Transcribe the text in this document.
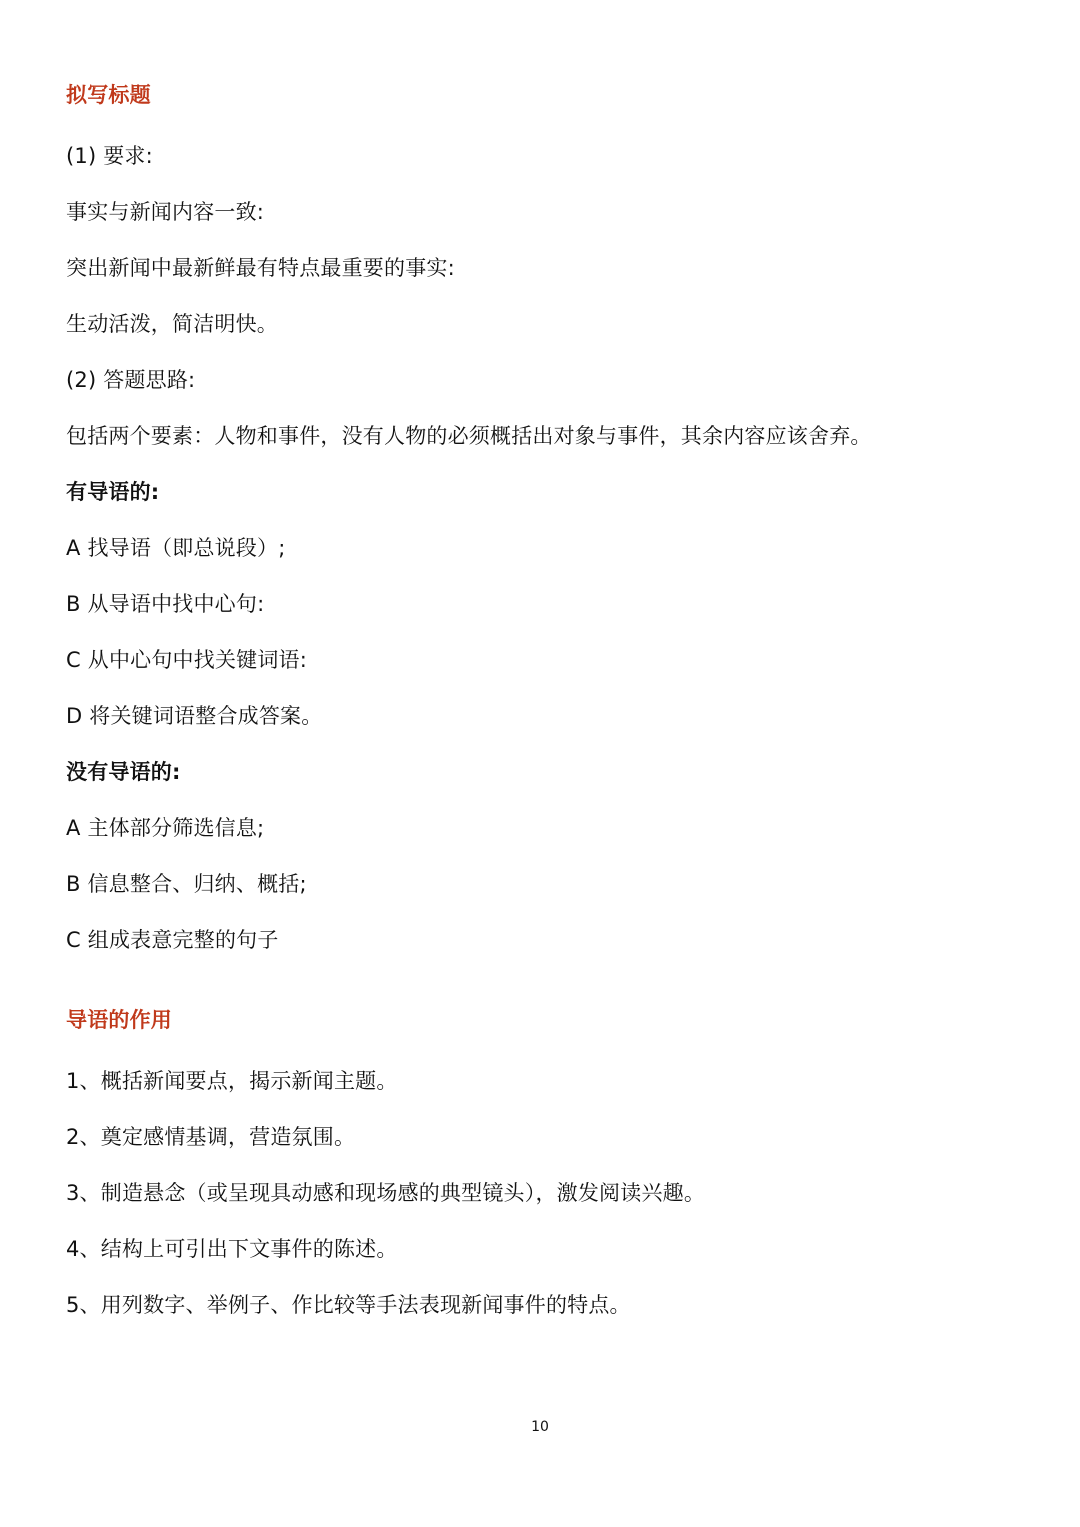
拟写标题

(1) 要求:

事实与新闻内容一致:

突出新闻中最新鲜最有特点最重要的事实:

生动活泼，简洁明快。

(2) 答题思路:

包括两个要素：人物和事件，没有人物的必须概括出对象与事件，其余内容应该舍弃。

有导语的:

A 找导语（即总说段）;

B 从导语中找中心句:

C 从中心句中找关键词语:

D 将关键词语整合成答案。

没有导语的:

A 主体部分筛选信息;

B 信息整合、归纳、概括;

C 组成表意完整的句子

导语的作用

1、概括新闻要点，揭示新闻主题。

2、奠定感情基调，营造氛围。

3、制造悬念（或呈现具动感和现场感的典型镜头），激发阅读兴趣。

4、结构上可引出下文事件的陈述。

5、用列数字、举例子、作比较等手法表现新闻事件的特点。

10
